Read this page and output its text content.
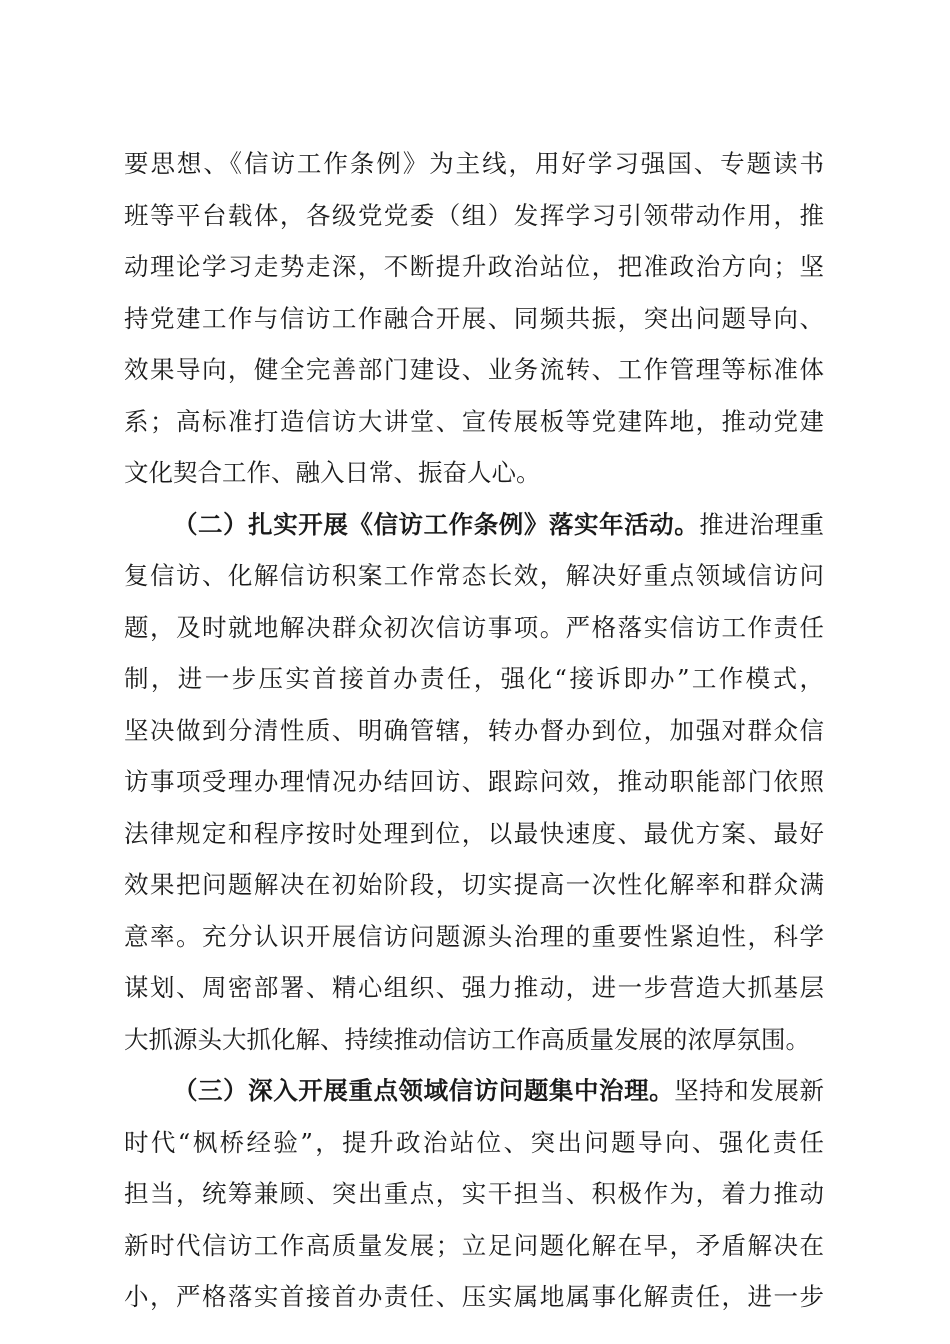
要思想、《信访工作条例》为主线，用好学习强国、专题读书
班等平台载体，各级党党委（组）发挥学习引领带动作用，推
动理论学习走势走深，不断提升政治站位，把准政治方向；坚
持党建工作与信访工作融合开展、同频共振，突出问题导向、
效果导向，健全完善部门建设、业务流转、工作管理等标准体
系；高标准打造信访大讲堂、宣传展板等党建阵地，推动党建
文化契合工作、融入日常、振奋人心。
（二）扎实开展《信访工作条例》落实年活动。推进治理重
复信访、化解信访积案工作常态长效，解决好重点领域信访问
题，及时就地解决群众初次信访事项。严格落实信访工作责任
制，进一步压实首接首办责任，强化“接诉即办”工作模式，
坚决做到分清性质、明确管辖，转办督办到位，加强对群众信
访事项受理办理情况办结回访、跟踪问效，推动职能部门依照
法律规定和程序按时处理到位，以最快速度、最优方案、最好
效果把问题解决在初始阶段，切实提高一次性化解率和群众满
意率。充分认识开展信访问题源头治理的重要性紧迫性，科学
谋划、周密部署、精心组织、强力推动，进一步营造大抓基层
大抓源头大抓化解、持续推动信访工作高质量发展的浓厚氛围。
（三）深入开展重点领域信访问题集中治理。坚持和发展新
时代“枫桥经验”，提升政治站位、突出问题导向、强化责任
担当，统筹兼顾、突出重点，实干担当、积极作为，着力推动
新时代信访工作高质量发展；立足问题化解在早，矛盾解决在
小，严格落实首接首办责任、压实属地属事化解责任，进一步
